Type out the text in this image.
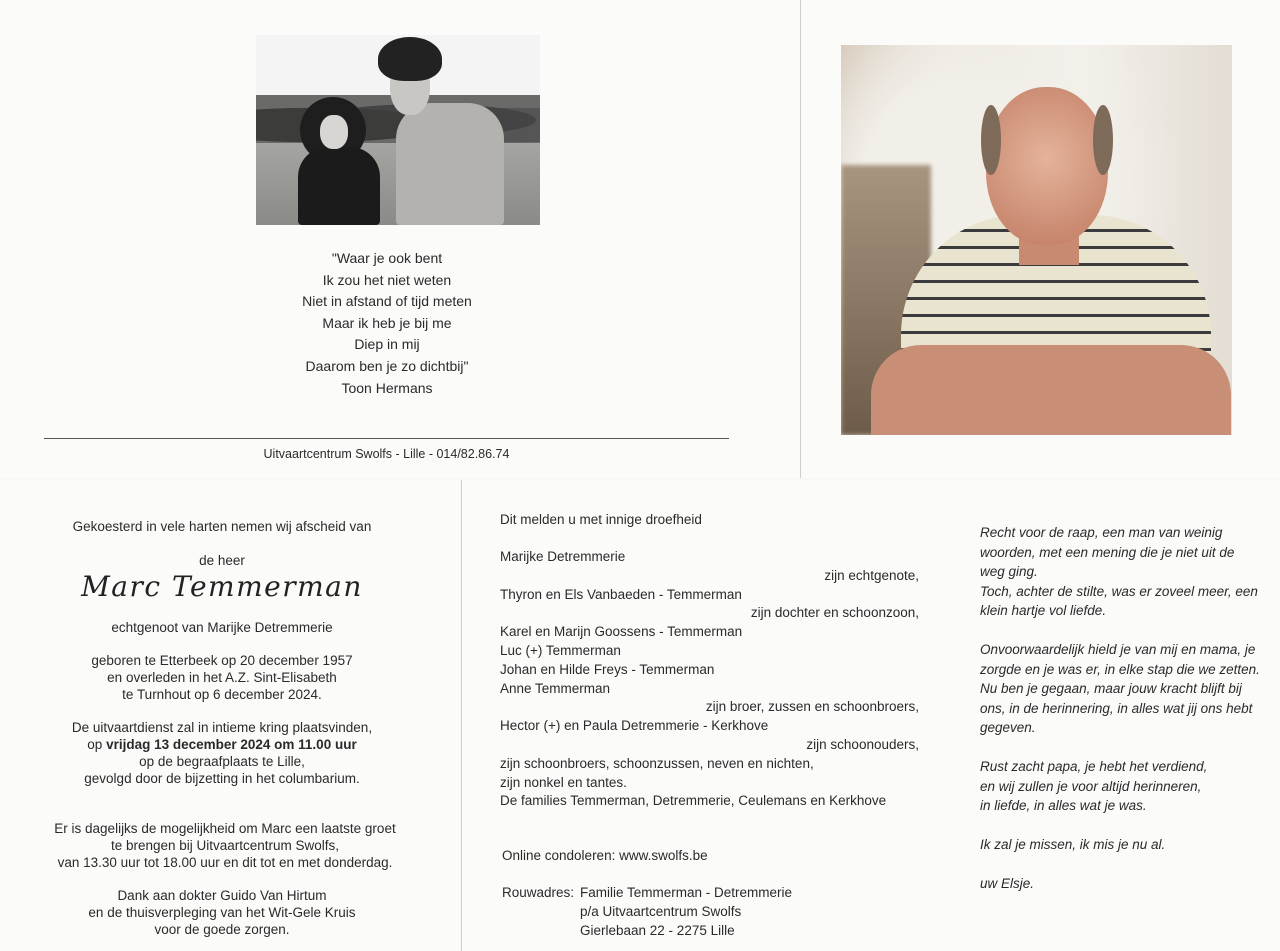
"Waar je ook bent
Ik zou het niet weten
Niet in afstand of tijd meten
Maar ik heb je bij me
Diep in mij
Daarom ben je zo dichtbij"
Toon Hermans
Uitvaartcentrum Swolfs - Lille - 014/82.86.74
Gekoesterd in vele harten nemen wij afscheid van
de heer
Marc Temmerman
echtgenoot van Marijke Detremmerie
geboren te Etterbeek op 20 december 1957
en overleden in het A.Z. Sint-Elisabeth
te Turnhout op 6 december 2024.
De uitvaartdienst zal in intieme kring plaatsvinden,
op vrijdag 13 december 2024 om 11.00 uur
op de begraafplaats te Lille,
gevolgd door de bijzetting in het columbarium.
Er is dagelijks de mogelijkheid om Marc een laatste groet
te brengen bij Uitvaartcentrum Swolfs,
van 13.30 uur tot 18.00 uur en dit tot en met donderdag.
Dank aan dokter Guido Van Hirtum
en de thuisverpleging van het Wit-Gele Kruis
voor de goede zorgen.
Dit melden u met innige droefheid
Marijke Detremmerie
zijn echtgenote,
Thyron en Els Vanbaeden - Temmerman
zijn dochter en schoonzoon,
Karel en Marijn Goossens - Temmerman
Luc (+) Temmerman
Johan en Hilde Freys - Temmerman
Anne Temmerman
zijn broer, zussen en schoonbroers,
Hector (+) en Paula Detremmerie - Kerkhove
zijn schoonouders,
zijn schoonbroers, schoonzussen, neven en nichten,
zijn nonkel en tantes.
De families Temmerman, Detremmerie, Ceulemans en Kerkhove
Online condoleren: www.swolfs.be
Rouwadres: Familie Temmerman - Detremmerie
p/a Uitvaartcentrum Swolfs
Gierlebaan 22 - 2275 Lille

Recht voor de raap, een man van weinig woorden, met een mening die je niet uit de weg ging.
Toch, achter de stilte, was er zoveel meer, een klein hartje vol liefde.

Onvoorwaardelijk hield je van mij en mama, je zorgde en je was er, in elke stap die we zetten.
Nu ben je gegaan, maar jouw kracht blijft bij ons, in de herinnering, in alles wat jij ons hebt gegeven.

Rust zacht papa, je hebt het verdiend,
en wij zullen je voor altijd herinneren,
in liefde, in alles wat je was.

Ik zal je missen, ik mis je nu al.

uw Elsje.
